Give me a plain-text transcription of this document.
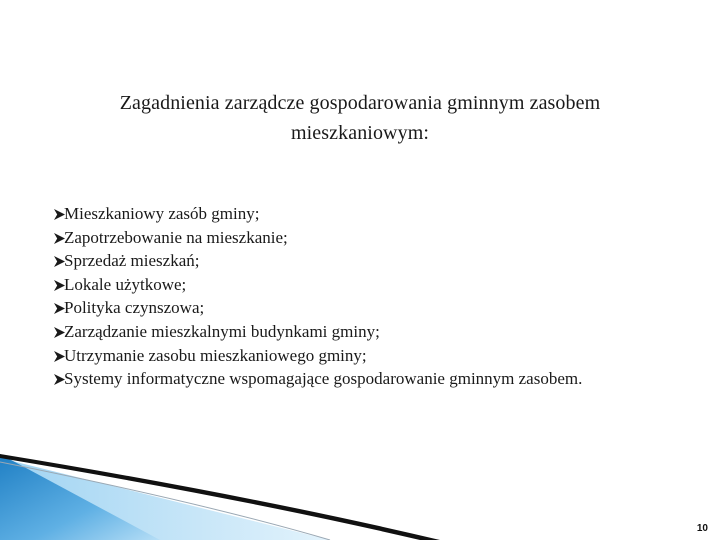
Zagadnienia zarządcze gospodarowania gminnym zasobem
mieszkaniowym:
Mieszkaniowy zasób gminy;
Zapotrzebowanie na mieszkanie;
Sprzedaż mieszkań;
Lokale użytkowe;
Polityka czynszowa;
Zarządzanie mieszkalnymi budynkami gminy;
Utrzymanie zasobu mieszkaniowego gminy;
Systemy informatyczne wspomagające gospodarowanie gminnym zasobem.
10
